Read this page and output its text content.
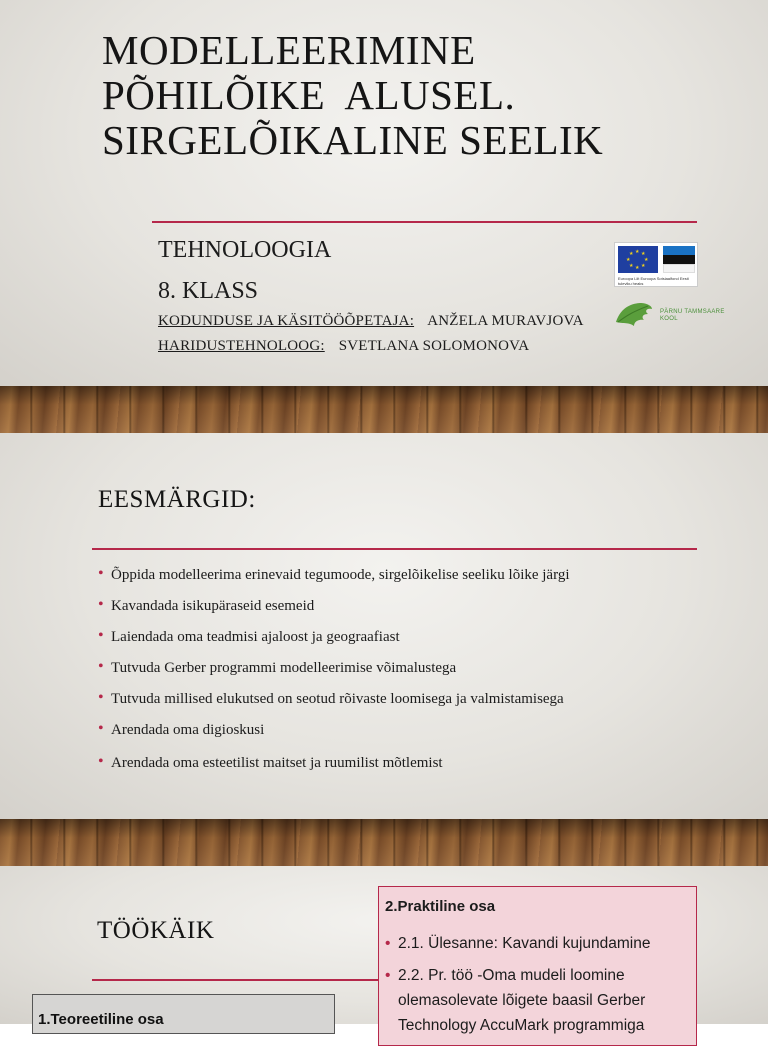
MODELLEERIMINE
PÕHILÕIKE  ALUSEL.
SIRGELÕIKALINE SEELIK
TEHNOLOOGIA
8. KLASS
KODUNDUSE JA KÄSITÖÖÕPETAJA: ANŽELA MURAVJOVA
HARIDUSTEHNOLOOG: SVETLANA SOLOMONOVA
★ ★
★
★
★
★
★
★
Euroopa Liit Euroopa Sotsiaalfond Eesti tuleviku heaks
PÄRNU TAMMSAARE KOOL
EESMÄRGID:
• Õppida modelleerima erinevaid tegumoode, sirgelõikelise seeliku lõike järgi
• Kavandada isikupäraseid esemeid
• Laiendada oma teadmisi ajaloost ja geograafiast
• Tutvuda Gerber programmi modelleerimise võimalustega
• Tutvuda millised elukutsed on seotud rõivaste loomisega ja valmistamisega
• Arendada oma digioskusi
• Arendada oma esteetilist maitset ja ruumilist mõtlemist
TÖÖKÄIK
1.Teoreetiline osa
2.Praktiline osa
• 2.1. Ülesanne: Kavandi kujundamine
• 2.2. Pr. töö -Oma mudeli loomine olemasolevate lõigete baasil Gerber Technology AccuMark programmiga
